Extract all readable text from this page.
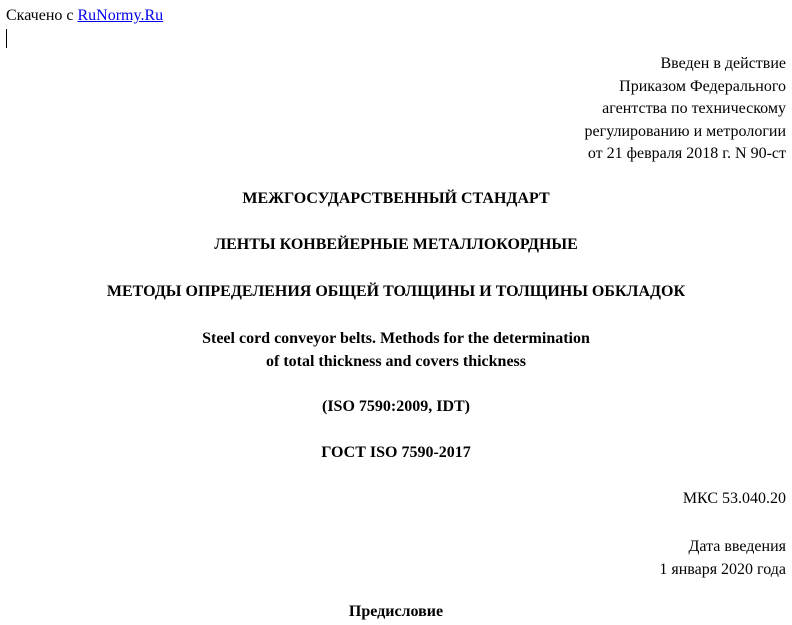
Скачено с RuNormy.Ru
Введен в действие
Приказом Федерального
агентства по техническому
регулированию и метрологии
от 21 февраля 2018 г. N 90-ст
МЕЖГОСУДАРСТВЕННЫЙ СТАНДАРТ
ЛЕНТЫ КОНВЕЙЕРНЫЕ МЕТАЛЛОКОРДНЫЕ
МЕТОДЫ ОПРЕДЕЛЕНИЯ ОБЩЕЙ ТОЛЩИНЫ И ТОЛЩИНЫ ОБКЛАДОК
Steel cord conveyor belts. Methods for the determination
of total thickness and covers thickness
(ISO 7590:2009, IDT)
ГОСТ ISO 7590-2017
МКС 53.040.20
Дата введения
1 января 2020 года
Предисловие
